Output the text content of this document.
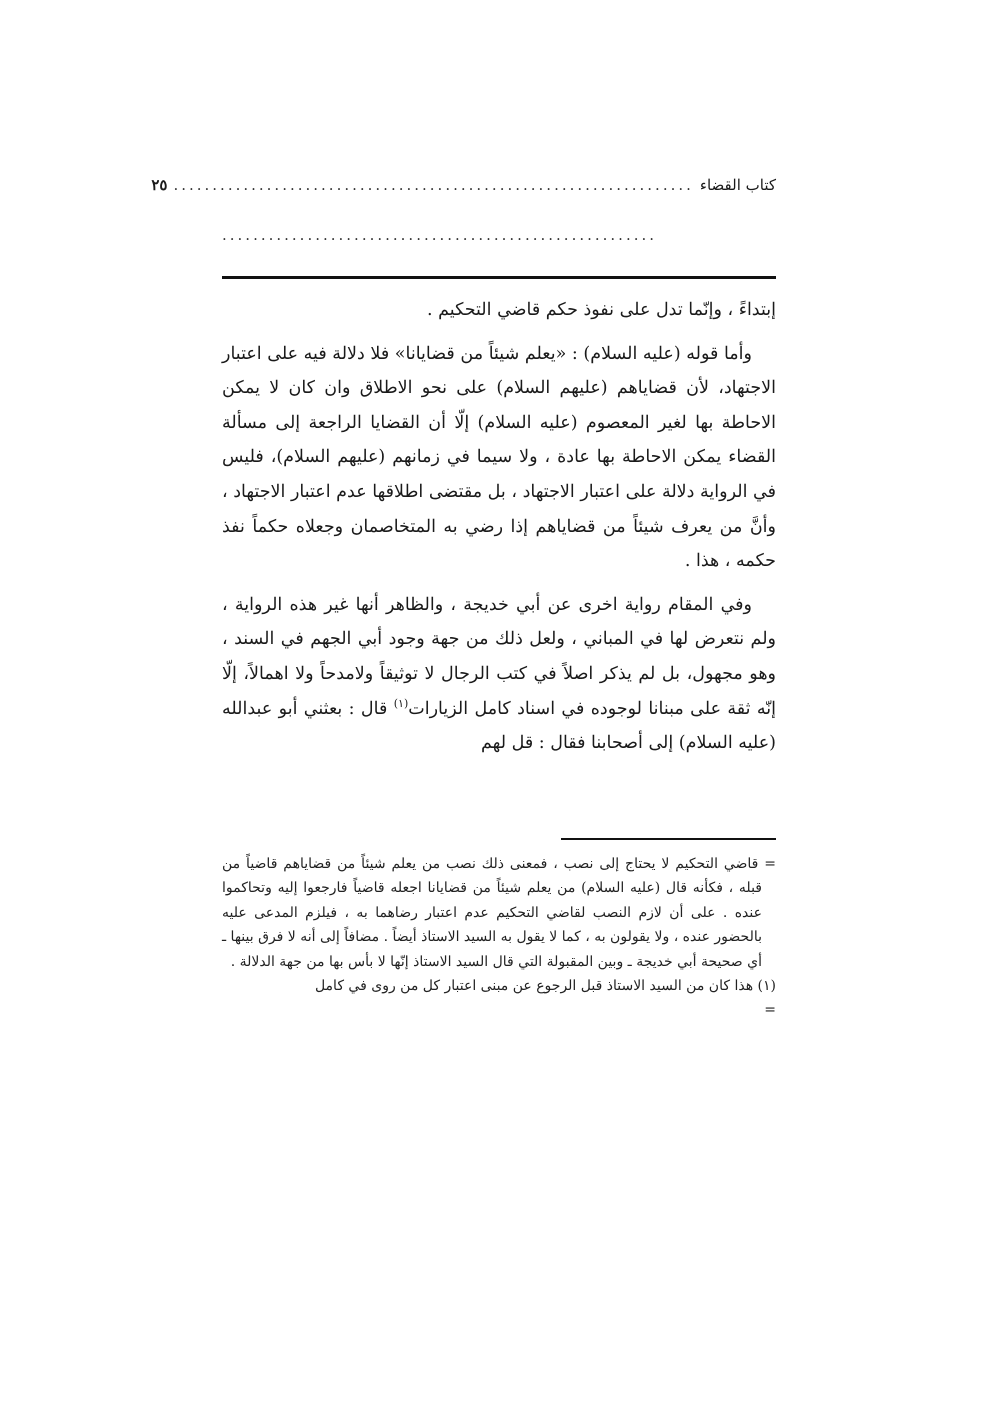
كتاب القضاء
...................................................................
٢٥
........................................................

إبتداءً ، وإنّما تدل على نفوذ حكم قاضي التحكيم .

وأما قوله (عليه السلام) : «يعلم شيئاً من قضايانا» فلا دلالة فيه على اعتبار الاجتهاد، لأن قضاياهم (عليهم السلام) على نحو الاطلاق وان كان لا يمكن الاحاطة بها لغير المعصوم (عليه السلام) إلّا أن القضايا الراجعة إلى مسألة القضاء يمكن الاحاطة بها عادة ، ولا سيما في زمانهم (عليهم السلام)، فليس في الرواية دلالة على اعتبار الاجتهاد ، بل مقتضى اطلاقها عدم اعتبار الاجتهاد ، وأنَّ من يعرف شيئاً من قضاياهم إذا رضي به المتخاصمان وجعلاه حكماً نفذ حكمه ، هذا .

وفي المقام رواية اخرى عن أبي خديجة ، والظاهر أنها غير هذه الرواية ، ولم نتعرض لها في المباني ، ولعل ذلك من جهة وجود أبي الجهم في السند ، وهو مجهول، بل لم يذكر اصلاً في كتب الرجال لا توثيقاً ولامدحاً ولا اهمالاً، إلّا إنّه ثقة على مبنانا لوجوده في اسناد كامل الزيارات$^{(١)}$ قال : بعثني أبو عبدالله (عليه السلام) إلى أصحابنا فقال : قل لهم

= قاضي التحكيم لا يحتاج إلى نصب ، فمعنى ذلك نصب من يعلم شيئاً من قضاياهم قاضياً من قبله ، فكأنه قال (عليه السلام) من يعلم شيئاً من قضايانا اجعله قاضياً فارجعوا إليه وتحاكموا عنده . على أن لازم النصب لقاضي التحكيم عدم اعتبار رضاهما به ، فيلزم المدعى عليه بالحضور عنده ، ولا يقولون به ، كما لا يقول به السيد الاستاذ أيضاً . مضافاً إلى أنه لا فرق بينها ـ أي صحيحة أبي خديجة ـ وبين المقبولة التي قال السيد الاستاذ إنّها لا بأس بها من جهة الدلالة .

(١) هذا كان من السيد الاستاذ قبل الرجوع عن مبنى اعتبار كل من روى في كامل

=
